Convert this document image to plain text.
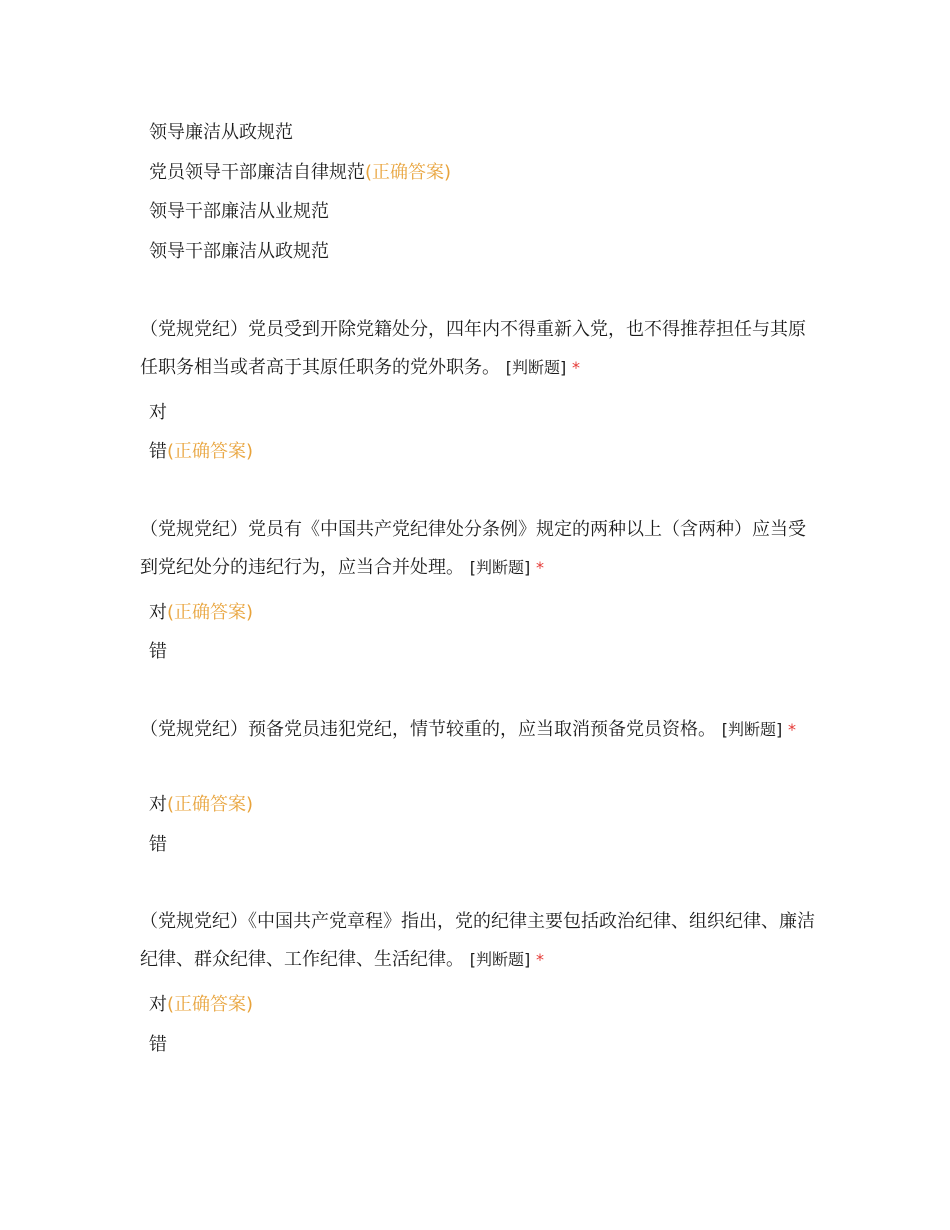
领导廉洁从政规范
党员领导干部廉洁自律规范(正确答案)
领导干部廉洁从业规范
领导干部廉洁从政规范
（党规党纪）党员受到开除党籍处分，四年内不得重新入党，也不得推荐担任与其原任职务相当或者高于其原任职务的党外职务。 [判断题] *
对
错(正确答案)
（党规党纪）党员有《中国共产党纪律处分条例》规定的两种以上（含两种）应当受到党纪处分的违纪行为，应当合并处理。 [判断题] *
对(正确答案)
错
（党规党纪）预备党员违犯党纪，情节较重的，应当取消预备党员资格。 [判断题] *
对(正确答案)
错
（党规党纪）《中国共产党章程》指出，党的纪律主要包括政治纪律、组织纪律、廉洁纪律、群众纪律、工作纪律、生活纪律。 [判断题] *
对(正确答案)
错
